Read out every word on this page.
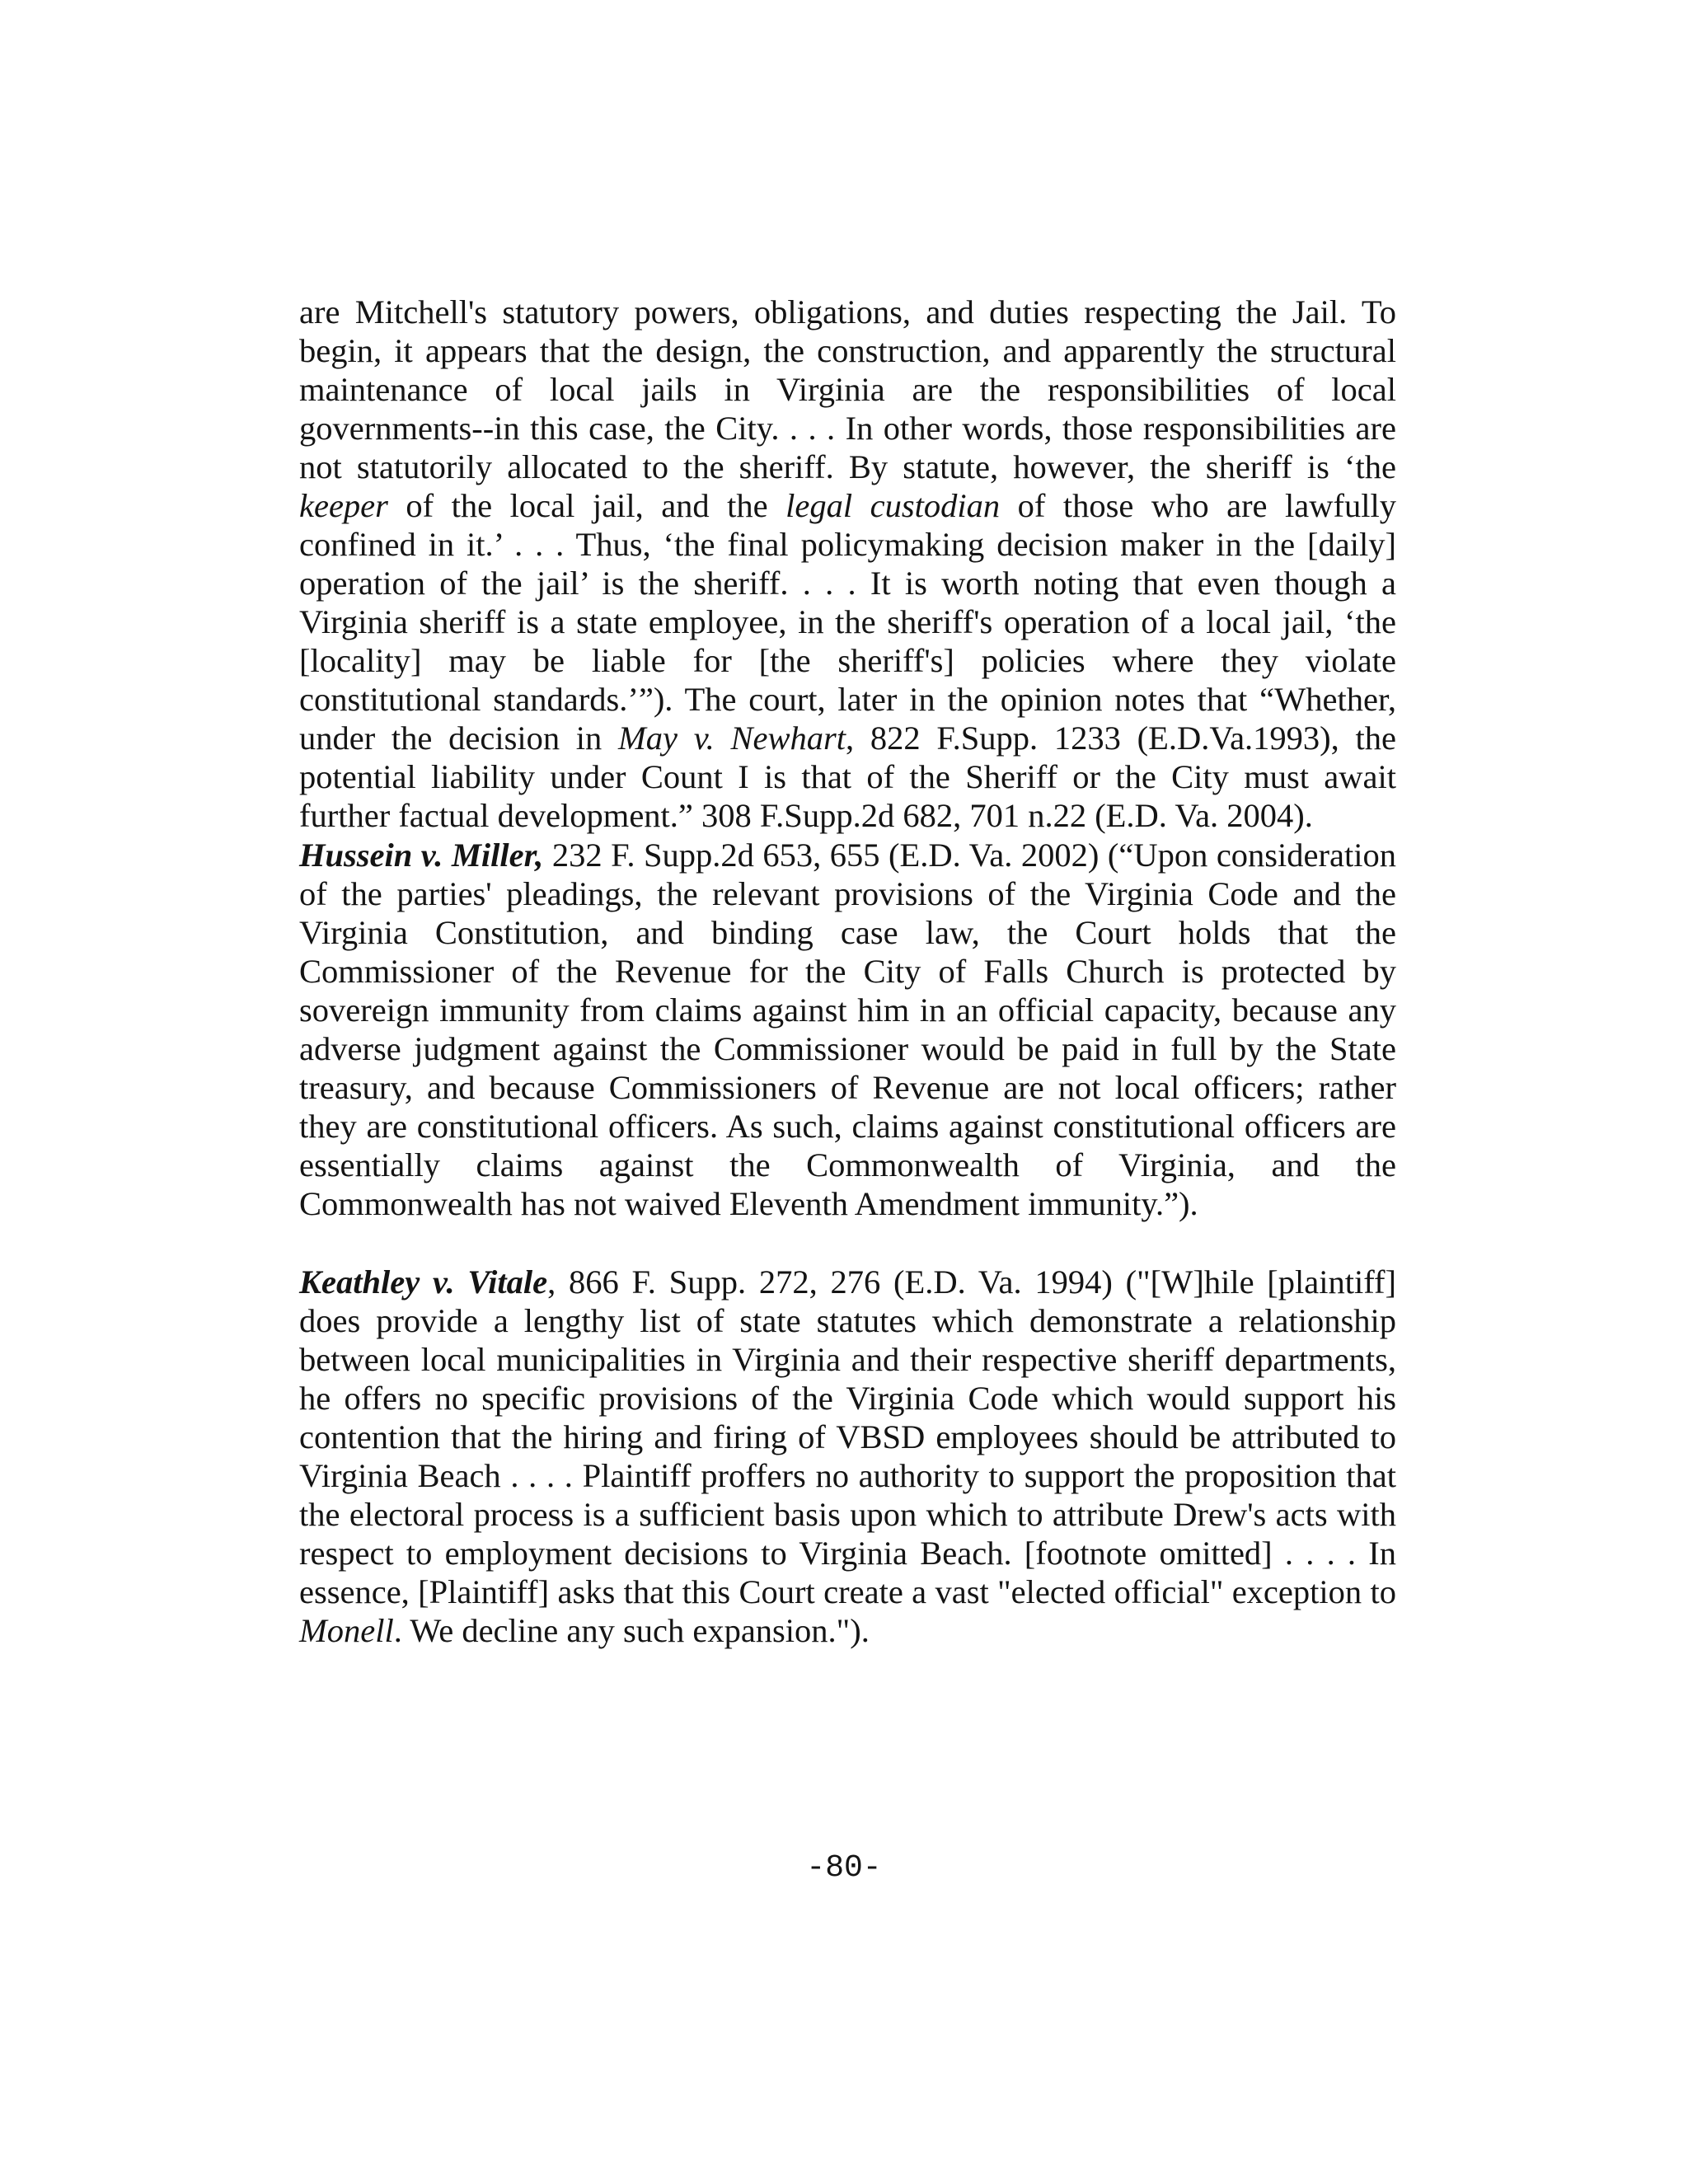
are Mitchell's statutory powers, obligations, and duties respecting the Jail. To begin, it appears that the design, the construction, and apparently the structural maintenance of local jails in Virginia are the responsibilities of local governments--in this case, the City. . . . In other words, those responsibilities are not statutorily allocated to the sheriff. By statute, however, the sheriff is ‘the keeper of the local jail, and the legal custodian of those who are lawfully confined in it.’ . . . Thus, ‘the final policymaking decision maker in the [daily] operation of the jail’ is the sheriff. . . . It is worth noting that even though a Virginia sheriff is a state employee, in the sheriff's operation of a local jail, ‘the [locality] may be liable for [the sheriff's] policies where they violate constitutional standards.’”). The court, later in the opinion notes that “Whether, under the decision in May v. Newhart, 822 F.Supp. 1233 (E.D.Va.1993), the potential liability under Count I is that of the Sheriff or the City must await further factual development.” 308 F.Supp.2d 682, 701 n.22 (E.D. Va. 2004).

Hussein v. Miller, 232 F. Supp.2d 653, 655 (E.D. Va. 2002) (“Upon consideration of the parties' pleadings, the relevant provisions of the Virginia Code and the Virginia Constitution, and binding case law, the Court holds that the Commissioner of the Revenue for the City of Falls Church is protected by sovereign immunity from claims against him in an official capacity, because any adverse judgment against the Commissioner would be paid in full by the State treasury, and because Commissioners of Revenue are not local officers; rather they are constitutional officers. As such, claims against constitutional officers are essentially claims against the Commonwealth of Virginia, and the Commonwealth has not waived Eleventh Amendment immunity.”).

Keathley v. Vitale, 866 F. Supp. 272, 276 (E.D. Va. 1994) ("[W]hile [plaintiff] does provide a lengthy list of state statutes which demonstrate a relationship between local municipalities in Virginia and their respective sheriff departments, he offers no specific provisions of the Virginia Code which would support his contention that the hiring and firing of VBSD employees should be attributed to Virginia Beach . . . . Plaintiff proffers no authority to support the proposition that the electoral process is a sufficient basis upon which to attribute Drew's acts with respect to employment decisions to Virginia Beach. [footnote omitted] . . . . In essence, [Plaintiff] asks that this Court create a vast "elected official" exception to Monell. We decline any such expansion.").

-80-
